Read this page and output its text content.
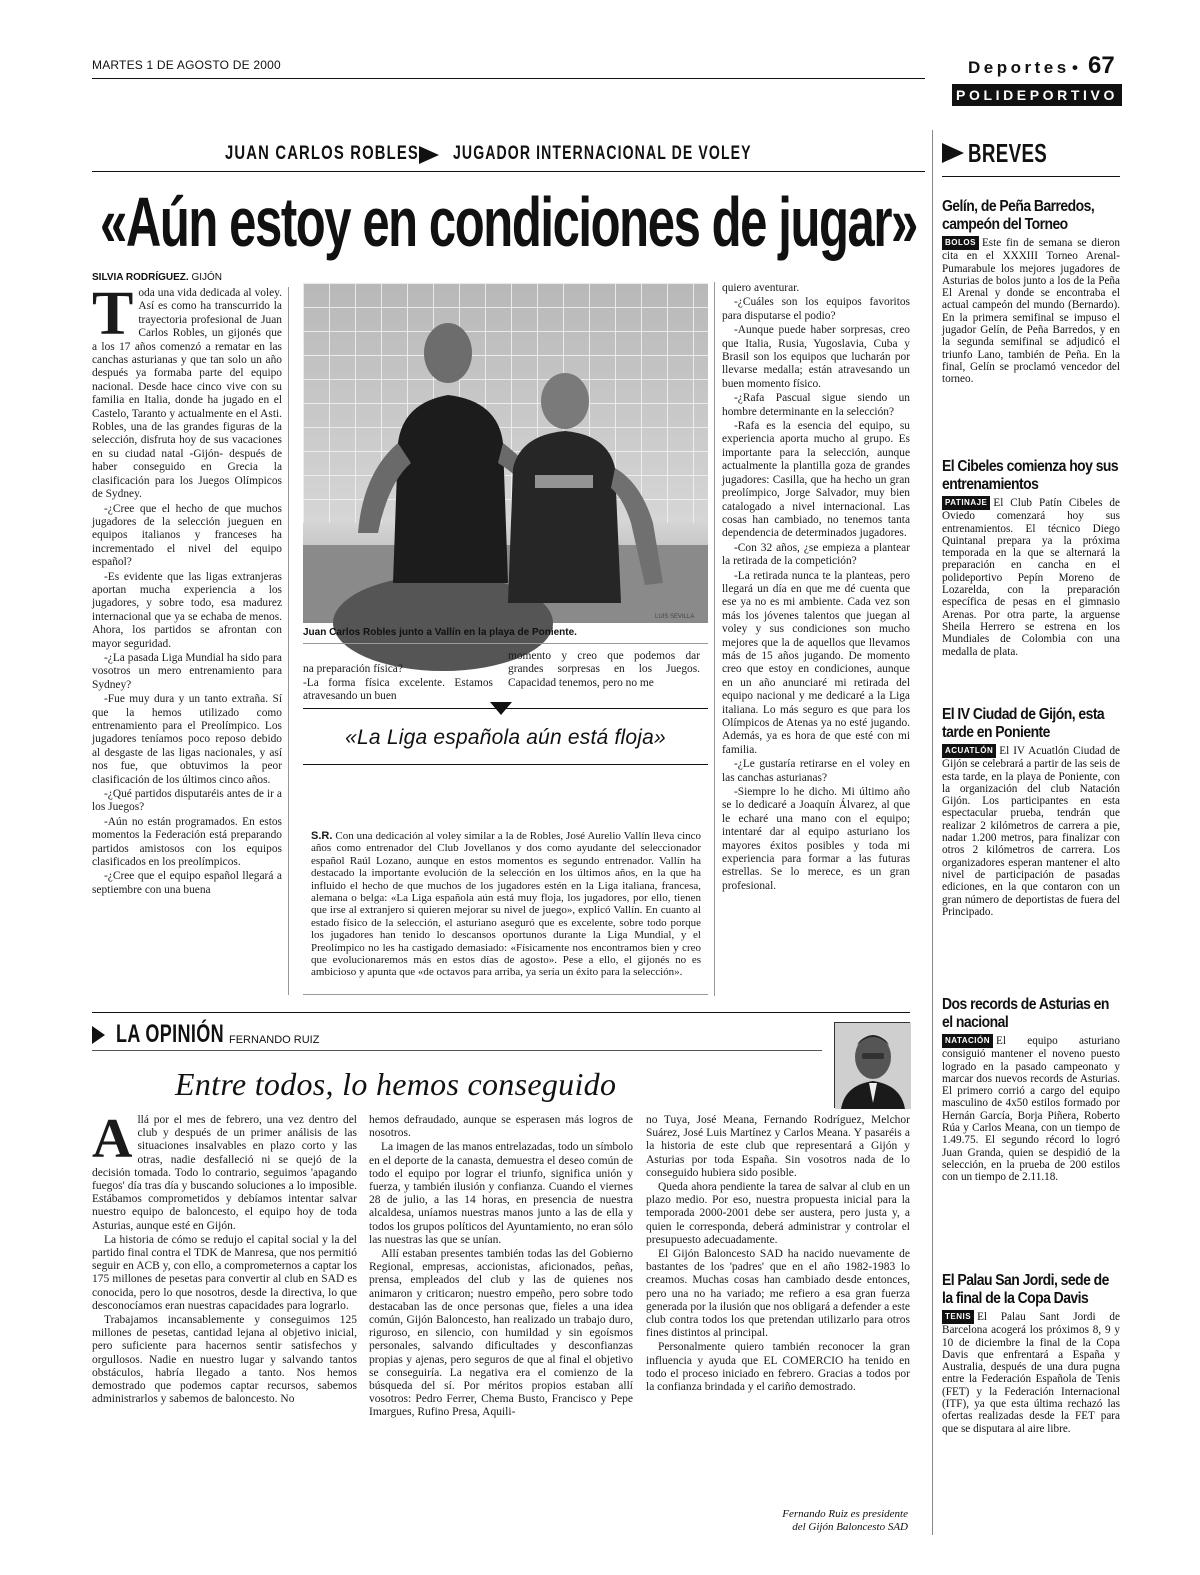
MARTES 1 DE AGOSTO DE 2000	Deportes • 67
POLIDEPORTIVO
JUAN CARLOS ROBLES JUGADOR INTERNACIONAL DE VOLEY
«Aún estoy en condiciones de jugar»
SILVIA RODRÍGUEZ. GIJÓN
T oda una vida dedicada al voley. Así es como ha transcurrido la trayectoria profesional de Juan Carlos Robles, un gijonés que a los 17 años comenzó a rematar en las canchas asturianas y que tan solo un año después ya formaba parte del equipo nacional. Desde hace cinco vive con su familia en Italia, donde ha jugado en el Castelo, Taranto y actualmente en el Asti. Robles, una de las grandes figuras de la selección, disfruta hoy de sus vacaciones en su ciudad natal -Gijón- después de haber conseguido en Grecia la clasificación para los Juegos Olímpicos de Sydney.

-¿Cree que el hecho de que muchos jugadores de la selección jueguen en equipos italianos y franceses ha incrementado el nivel del equipo español?

-Es evidente que las ligas extranjeras aportan mucha experiencia a los jugadores, y sobre todo, esa madurez internacional que ya se echaba de menos. Ahora, los partidos se afrontan con mayor seguridad.

-¿La pasada Liga Mundial ha sido para vosotros un mero entrenamiento para Sydney?

-Fue muy dura y un tanto extraña. Sí que la hemos utilizado como entrenamiento para el Preolímpico. Los jugadores teníamos poco reposo debido al desgaste de las ligas nacionales, y así nos fue, que obtuvimos la peor clasificación de los últimos cinco años.

-¿Qué partidos disputaréis antes de ir a los Juegos?

-Aún no están programados. En estos momentos la Federación está preparando partidos amistosos con los equipos clasificados en los preolímpicos.

-¿Cree que el equipo español llegará a septiembre con una buena

LUIS SEVILLA
Juan Carlos Robles junto a Vallín en la playa de Poniente.

na preparación física?
-La forma física excelente. Estamos atravesando un buen

momento y creo que podemos dar grandes sorpresas en los Juegos. Capacidad tenemos, pero no me

quiero aventurar.

-¿Cuáles son los equipos favoritos para disputarse el podio?

-Aunque puede haber sorpresas, creo que Italia, Rusia, Yugoslavia, Cuba y Brasil son los equipos que lucharán por llevarse medalla; están atravesando un buen momento físico.

-¿Rafa Pascual sigue siendo un hombre determinante en la selección?

-Rafa es la esencia del equipo, su experiencia aporta mucho al grupo. Es importante para la selección, aunque actualmente la plantilla goza de grandes jugadores: Casilla, que ha hecho un gran preolímpico, Jorge Salvador, muy bien catalogado a nivel internacional. Las cosas han cambiado, no tenemos tanta dependencia de determinados jugadores.

-Con 32 años, ¿se empieza a plantear la retirada de la competición?

-La retirada nunca te la planteas, pero llegará un día en que me dé cuenta que ese ya no es mi ambiente. Cada vez son más los jóvenes talentos que juegan al voley y sus condiciones son mucho mejores que la de aquellos que llevamos más de 15 años jugando. De momento creo que estoy en condiciones, aunque en un año anunciaré mi retirada del equipo nacional y me dedicaré a la Liga italiana. Lo más seguro es que para los Olímpicos de Atenas ya no esté jugando. Además, ya es hora de que esté con mi familia.

-¿Le gustaría retirarse en el voley en las canchas asturianas?

-Siempre lo he dicho. Mi último año se lo dedicaré a Joaquín Álvarez, al que le echaré una mano con el equipo; intentaré dar al equipo asturiano los mayores éxitos posibles y toda mi experiencia para formar a las futuras estrellas. Se lo merece, es un gran profesional.

«La Liga española aún está floja»

S.R. Con una dedicación al voley similar a la de Robles, José Aurelio Vallín lleva cinco años como entrenador del Club Jovellanos y dos como ayudante del seleccionador español Raúl Lozano, aunque en estos momentos es segundo entrenador. Vallín ha destacado la importante evolución de la selección en los últimos años, en la que ha influido el hecho de que muchos de los jugadores estén en la Liga italiana, francesa, alemana o belga: «La Liga española aún está muy floja, los jugadores, por ello, tienen que irse al extranjero si quieren mejorar su nivel de juego», explicó Vallín. En cuanto al estado físico de la selección, el asturiano aseguró que es excelente, sobre todo porque los jugadores han tenido lo descansos oportunos durante la Liga Mundial, y el Preolímpico no les ha castigado demasiado: «Físicamente nos encontramos bien y creo que evolucionaremos más en estos días de agosto». Pese a ello, el gijonés no es ambicioso y apunta que «de octavos para arriba, ya sería un éxito para la selección».

BREVES
Gelín, de Peña Barredos, campeón del Torneo
BOLOS Este fin de semana se dieron cita en el XXXIII Torneo Arenal-Pumarabule los mejores jugadores de Asturias de bolos junto a los de la Peña El Arenal y donde se encontraba el actual campeón del mundo (Bernardo). En la primera semifinal se impuso el jugador Gelín, de Peña Barredos, y en la segunda semifinal se adjudicó el triunfo Lano, también de Peña. En la final, Gelín se proclamó vencedor del torneo.
El Cibeles comienza hoy sus entrenamientos
PATINAJE El Club Patín Cibeles de Oviedo comenzará hoy sus entrenamientos. El técnico Diego Quintanal prepara ya la próxima temporada en la que se alternará la preparación en cancha en el polideportivo Pepín Moreno de Lozarelda, con la preparación específica de pesas en el gimnasio Arenas. Por otra parte, la arguense Sheila Herrero se estrena en los Mundiales de Colombia con una medalla de plata.
El IV Ciudad de Gijón, esta tarde en Poniente
ACUATLÓN El IV Acuatlón Ciudad de Gijón se celebrará a partir de las seis de esta tarde, en la playa de Poniente, con la organización del club Natación Gijón. Los participantes en esta espectacular prueba, tendrán que realizar 2 kilómetros de carrera a pie, nadar 1.200 metros, para finalizar con otros 2 kilómetros de carrera. Los organizadores esperan mantener el alto nivel de participación de pasadas ediciones, en la que contaron con un gran número de deportistas de fuera del Principado.
Dos records de Asturias en el nacional
NATACIÓN El equipo asturiano consiguió mantener el noveno puesto logrado en la pasado campeonato y marcar dos nuevos records de Asturias. El primero corrió a cargo del equipo masculino de 4x50 estilos formado por Hernán García, Borja Piñera, Roberto Rúa y Carlos Meana, con un tiempo de 1.49.75. El segundo récord lo logró Juan Granda, quien se despidió de la selección, en la prueba de 200 estilos con un tiempo de 2.11.18.
El Palau San Jordi, sede de la final de la Copa Davis
TENIS El Palau Sant Jordi de Barcelona acogerá los próximos 8, 9 y 10 de diciembre la final de la Copa Davis que enfrentará a España y Australia, después de una dura pugna entre la Federación Española de Tenis (FET) y la Federación Internacional (ITF), ya que esta última rechazó las ofertas realizadas desde la FET para que se disputara al aire libre.
LA OPINIÓN FERNANDO RUIZ
Entre todos, lo hemos conseguido
A llá por el mes de febrero, una vez dentro del club y después de un primer análisis de las situaciones insalvables en plazo corto y las otras, nadie desfalleció ni se quejó de la decisión tomada. Todo lo contrario, seguimos 'apagando fuegos' día tras día y buscando soluciones a lo imposible. Estábamos comprometidos y debíamos intentar salvar nuestro equipo de baloncesto, el equipo hoy de toda Asturias, aunque esté en Gijón.

La historia de cómo se redujo el capital social y la del partido final contra el TDK de Manresa, que nos permitió seguir en ACB y, con ello, a comprometernos a captar los 175 millones de pesetas para convertir al club en SAD es conocida, pero lo que nosotros, desde la directiva, lo que desconocíamos eran nuestras capacidades para lograrlo.

Trabajamos incansablemente y conseguimos 125 millones de pesetas, cantidad lejana al objetivo inicial, pero suficiente para hacernos sentir satisfechos y orgullosos. Nadie en nuestro lugar y salvando tantos obstáculos, habría llegado a tanto. Nos hemos demostrado que podemos captar recursos, sabemos administrarlos y sabemos de baloncesto. No

hemos defraudado, aunque se esperasen más logros de nosotros.

La imagen de las manos entrelazadas, todo un símbolo en el deporte de la canasta, demuestra el deseo común de todo el equipo por lograr el triunfo, significa unión y fuerza, y también ilusión y confianza. Cuando el viernes 28 de julio, a las 14 horas, en presencia de nuestra alcaldesa, uníamos nuestras manos junto a las de ella y todos los grupos políticos del Ayuntamiento, no eran sólo las nuestras las que se unían.

Allí estaban presentes también todas las del Gobierno Regional, empresas, accionistas, aficionados, peñas, prensa, empleados del club y las de quienes nos animaron y criticaron; nuestro empeño, pero sobre todo destacaban las de once personas que, fieles a una idea común, Gijón Baloncesto, han realizado un trabajo duro, riguroso, en silencio, con humildad y sin egoísmos personales, salvando dificultades y desconfianzas propias y ajenas, pero seguros de que al final el objetivo se conseguiría. La negativa era el comienzo de la búsqueda del sí. Por méritos propios estaban allí vosotros: Pedro Ferrer, Chema Busto, Francisco y Pepe Imargues, Rufino Presa, Aquili-

no Tuya, José Meana, Fernando Rodríguez, Melchor Suárez, José Luis Martínez y Carlos Meana. Y pasaréis a la historia de este club que representará a Gijón y Asturias por toda España. Sin vosotros nada de lo conseguido hubiera sido posible.

Queda ahora pendiente la tarea de salvar al club en un plazo medio. Por eso, nuestra propuesta inicial para la temporada 2000-2001 debe ser austera, pero justa y, a quien le corresponda, deberá administrar y controlar el presupuesto adecuadamente.

El Gijón Baloncesto SAD ha nacido nuevamente de bastantes de los 'padres' que en el año 1982-1983 lo creamos. Muchas cosas han cambiado desde entonces, pero una no ha variado; me refiero a esa gran fuerza generada por la ilusión que nos obligará a defender a este club contra todos los que pretendan utilizarlo para otros fines distintos al principal.

Personalmente quiero también reconocer la gran influencia y ayuda que EL COMERCIO ha tenido en todo el proceso iniciado en febrero. Gracias a todos por la confianza brindada y el cariño demostrado.

Fernando Ruiz es presidente
del Gijón Baloncesto SAD
